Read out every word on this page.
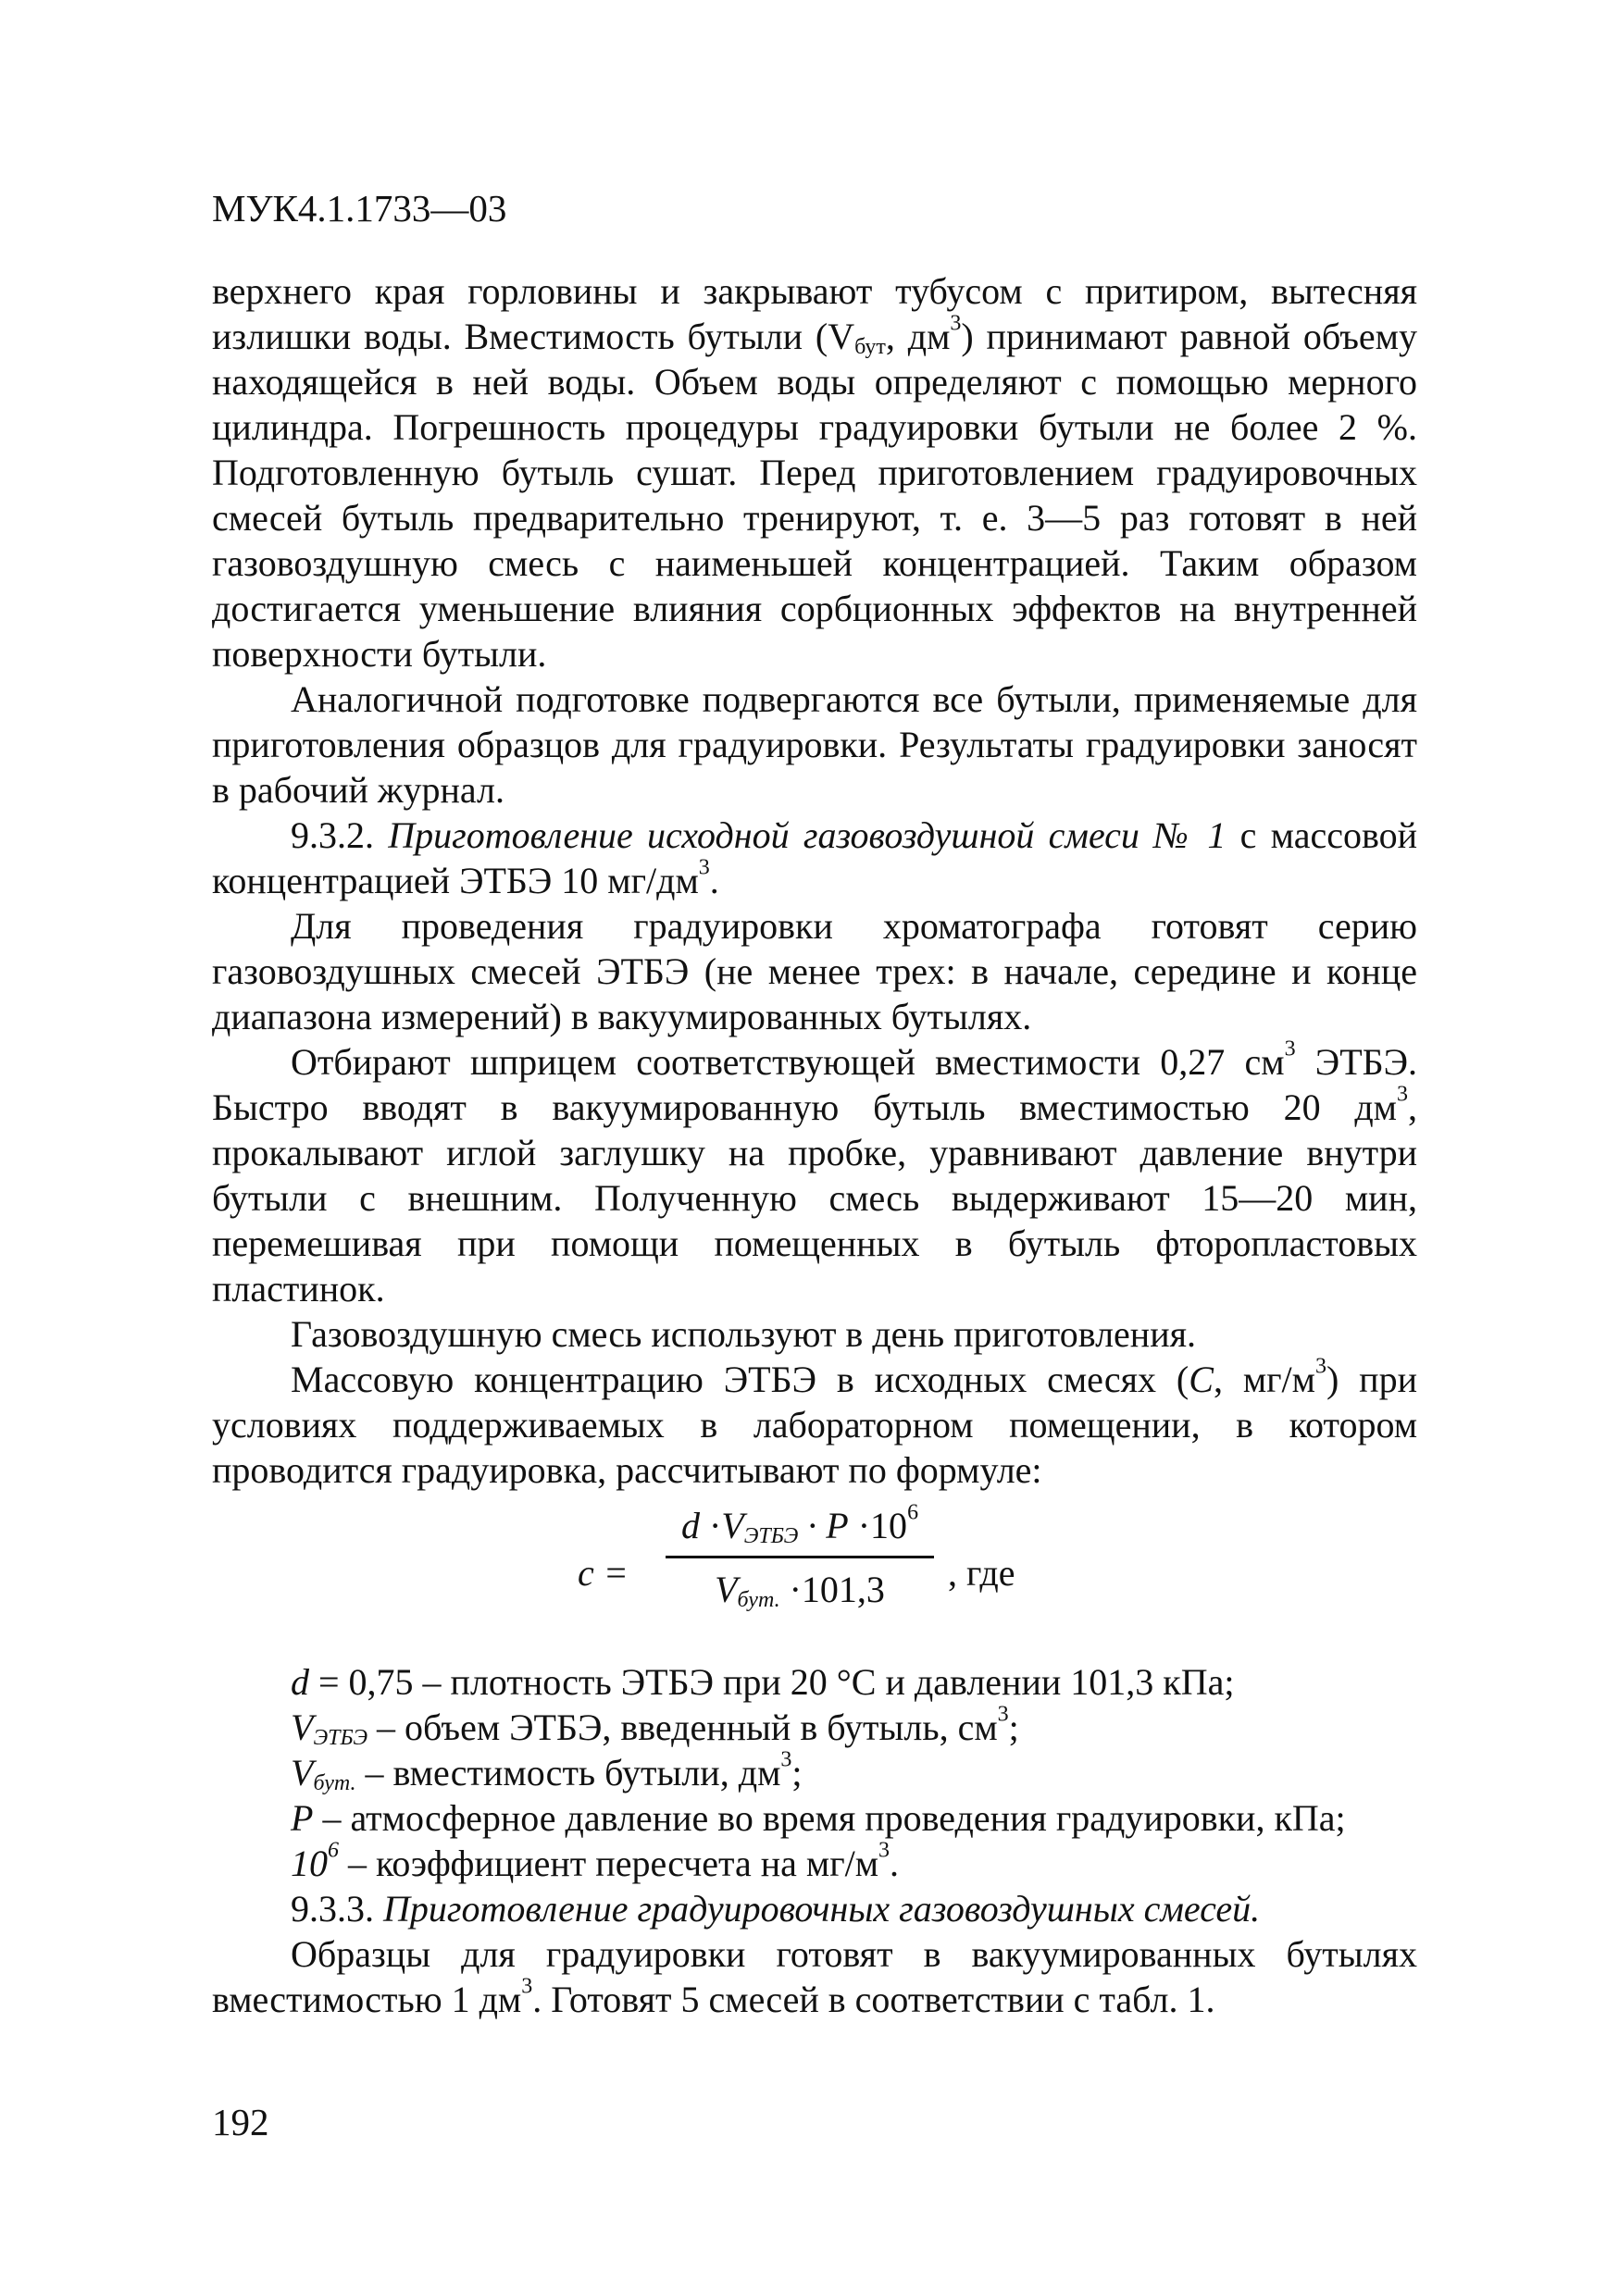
МУК4.1.1733—03

верхнего края горловины и закрывают тубусом с притиром, вытесняя излишки воды. Вместимость бутыли ($V_{бут}$, $дм^3$) принимают равной объему находящейся в ней воды. Объем воды определяют с помощью мерного цилиндра. Погрешность процедуры градуировки бутыли не более 2 %. Подготовленную бутыль сушат. Перед приготовлением градуировочных смесей бутыль предварительно тренируют, т. е. 3—5 раз готовят в ней газовоздушную смесь с наименьшей концентрацией. Таким образом достигается уменьшение влияния сорбционных эффектов на внутренней поверхности бутыли.

Аналогичной подготовке подвергаются все бутыли, применяемые для приготовления образцов для градуировки. Результаты градуировки заносят в рабочий журнал.

9.3.2. Приготовление исходной газовоздушной смеси № 1 с массовой концентрацией ЭТБЭ 10 $мг/дм^3$.

Для проведения градуировки хроматографа готовят серию газовоздушных смесей ЭТБЭ (не менее трех: в начале, середине и конце диапазона измерений) в вакуумированных бутылях.

Отбирают шприцем соответствующей вместимости 0,27 $см^3$ ЭТБЭ. Быстро вводят в вакуумированную бутыль вместимостью 20 $дм^3$, прокалывают иглой заглушку на пробке, уравнивают давление внутри бутыли с внешним. Полученную смесь выдерживают 15—20 мин, перемешивая при помощи помещенных в бутыль фторопластовых пластинок.

Газовоздушную смесь используют в день приготовления.

Массовую концентрацию ЭТБЭ в исходных смесях (С, $мг/м^3$) при условиях поддерживаемых в лабораторном помещении, в котором проводится градуировка, рассчитывают по формуле:

c =
$d \cdot V_{ЭТБЭ} \cdot P \cdot 10^6$
$V_{бут.} \cdot 101,3$	, где

d = 0,75 – плотность ЭТБЭ при 20 °С и давлении 101,3 кПа;

$V_{ЭТБЭ}$ – объем ЭТБЭ, введенный в бутыль, $см^3$;

$V_{бут.}$ – вместимость бутыли, $дм^3$;

Р – атмосферное давление во время проведения градуировки, кПа;

$10^6$ – коэффициент пересчета на $мг/м^3$.

9.3.3. Приготовление градуировочных газовоздушных смесей.

Образцы для градуировки готовят в вакуумированных бутылях вместимостью 1 $дм^3$. Готовят 5 смесей в соответствии с табл. 1.

192
